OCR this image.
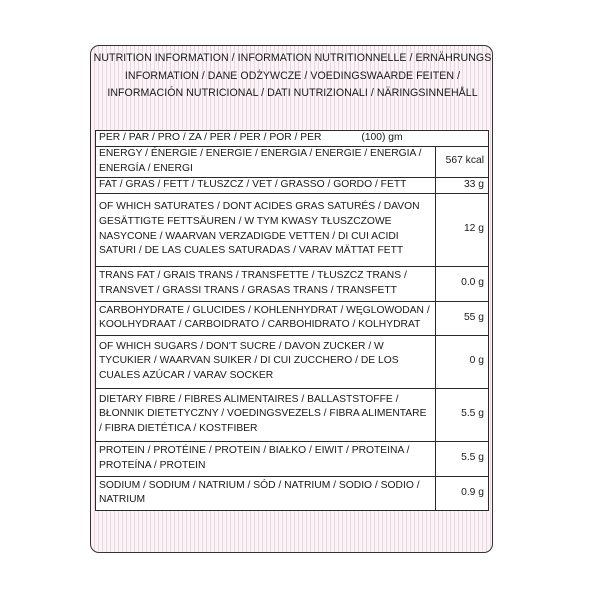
NUTRITION INFORMATION / INFORMATION NUTRITIONNELLE / ERNÄHRUNGS
INFORMATION / DANE ODŻYWCZE / VOEDINGSWAARDE FEITEN /
INFORMACIÓN NUTRICIONAL / DATI NUTRIZIONALI / NÄRINGSINNEHÅLL
PER / PAR / PRO / ZA / PER / PER / POR / PER (100) gm	
ENERGY / ÉNERGIE / ENERGIE / ENERGIA / ENERGIE / ENERGIA / ENERGÍA / ENERGI	567 kcal
FAT / GRAS / FETT / TŁUSZCZ / VET / GRASSO / GORDO / FETT	33 g
OF WHICH SATURATES / DONT ACIDES GRAS SATURÉS / DAVON GESÄTTIGTE FETTSÄUREN / W TYM KWASY TŁUSZCZOWE NASYCONE / WAARVAN VERZADIGDE VETTEN / DI CUI ACIDI SATURI / DE LAS CUALES SATURADAS / VARAV MÄTTAT FETT	12 g
TRANS FAT / GRAIS TRANS / TRANSFETTE / TŁUSZCZ TRANS / TRANSVET / GRASSI TRANS / GRASAS TRANS / TRANSFETT	0.0 g
CARBOHYDRATE / GLUCIDES / KOHLENHYDRAT / WĘGLOWODAN / KOOLHYDRAAT / CARBOIDRATO / CARBOHIDRATO / KOLHYDRAT	55 g
OF WHICH SUGARS / DON'T SUCRE / DAVON ZUCKER / W TYCUKIER / WAARVAN SUIKER / DI CUI ZUCCHERO / DE LOS CUALES AZÚCAR / VARAV SOCKER	0 g
DIETARY FIBRE / FIBRES ALIMENTAIRES / BALLASTSTOFFE / BŁONNIK DIETETYCZNY / VOEDINGSVEZELS / FIBRA ALIMENTARE / FIBRA DIETÉTICA / KOSTFIBER	5.5 g
PROTEIN / PROTÉINE / PROTEIN / BIAŁKO / EIWIT / PROTEINA / PROTEÍNA / PROTEIN	5.5 g
SODIUM / SODIUM / NATRIUM / SÓD / NATRIUM / SODIO / SODIO / NATRIUM	0.9 g
